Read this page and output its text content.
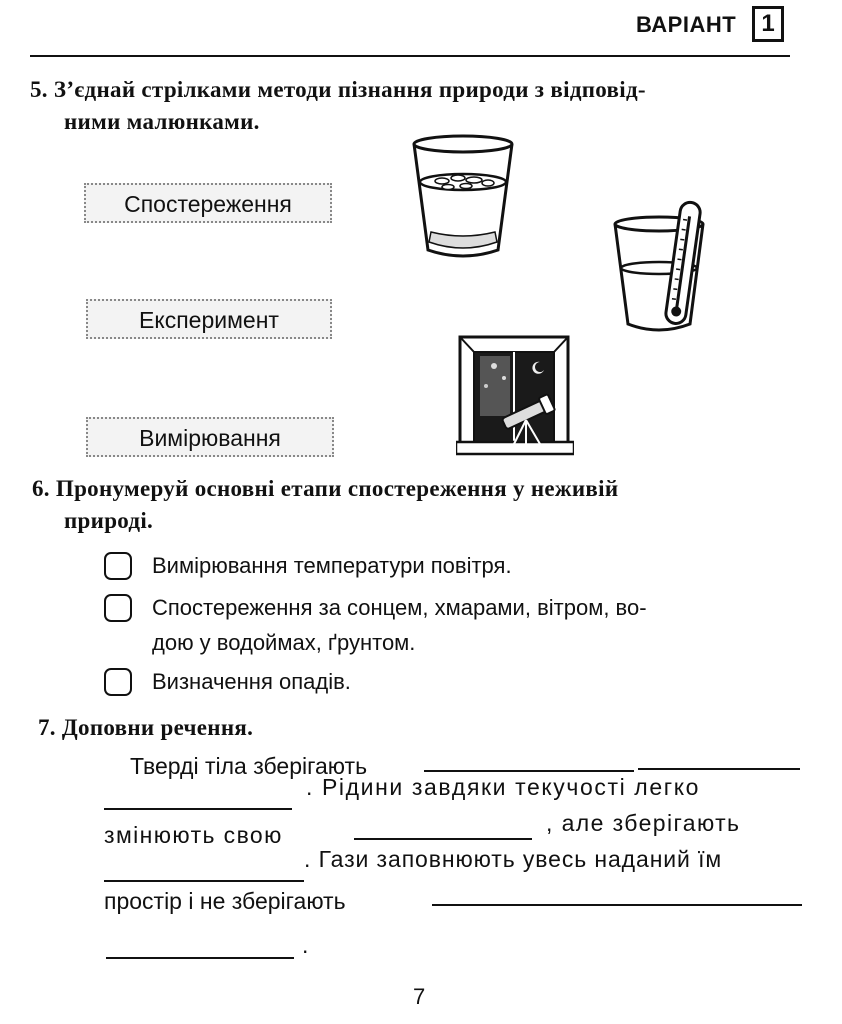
ВАРІАНТ	1
5. З’єднай стрілками методи пізнання природи з відповід-
ними малюнками.
Спостереження
Експеримент
Вимірювання
6. Пронумеруй основні етапи спостереження у неживій
природі.
Вимірювання температури повітря.
Спостереження за сонцем, хмарами, вітром, во-
дою у водоймах, ґрунтом.
Визначення опадів.
7. Доповни речення.
Тверді тіла зберігають
. Рідини завдяки текучості легко
змінюють свою	, але зберігають
. Гази заповнюють увесь наданий їм
простір і не зберігають
.
7
